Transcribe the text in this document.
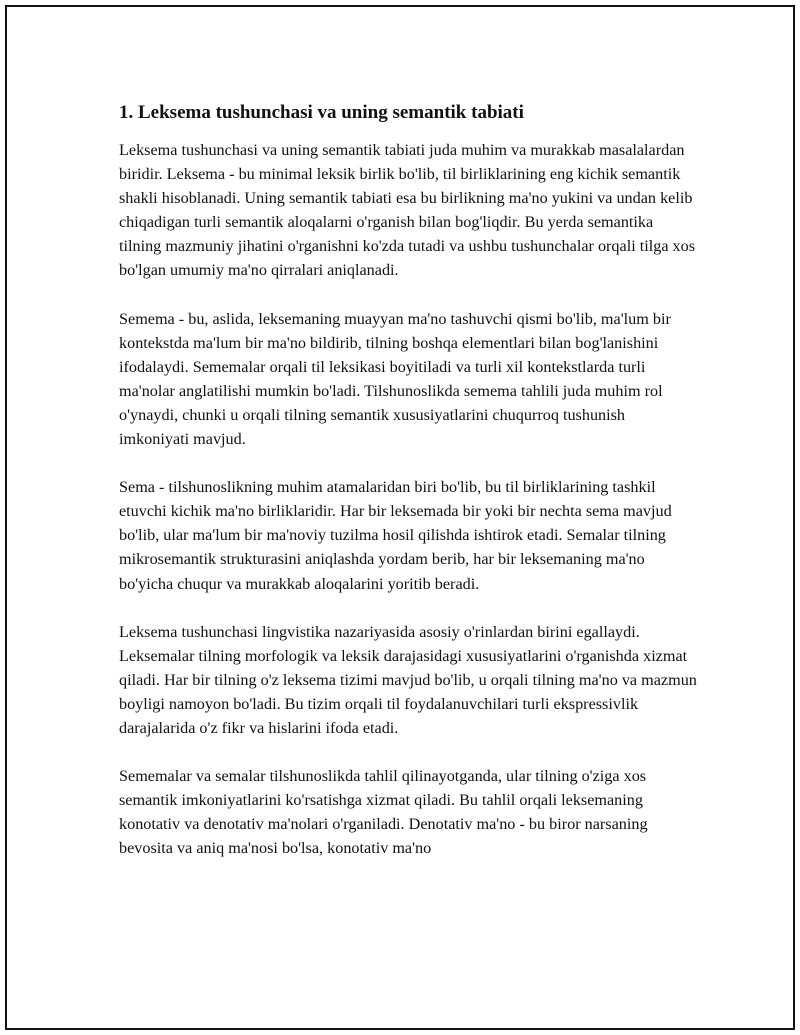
1. Leksema tushunchasi va uning semantik tabiati

Leksema tushunchasi va uning semantik tabiati juda muhim va murakkab masalalardan biridir. Leksema - bu minimal leksik birlik bo'lib, til birliklarining eng kichik semantik shakli hisoblanadi. Uning semantik tabiati esa bu birlikning ma'no yukini va undan kelib chiqadigan turli semantik aloqalarni o'rganish bilan bog'liqdir. Bu yerda semantika tilning mazmuniy jihatini o'rganishni ko'zda tutadi va ushbu tushunchalar orqali tilga xos bo'lgan umumiy ma'no qirralari aniqlanadi.

Semema - bu, aslida, leksemaning muayyan ma'no tashuvchi qismi bo'lib, ma'lum bir kontekstda ma'lum bir ma'no bildirib, tilning boshqa elementlari bilan bog'lanishini ifodalaydi. Sememalar orqali til leksikasi boyitiladi va turli xil kontekstlarda turli ma'nolar anglatilishi mumkin bo'ladi. Tilshunoslikda semema tahlili juda muhim rol o'ynaydi, chunki u orqali tilning semantik xususiyatlarini chuqurroq tushunish imkoniyati mavjud.

Sema - tilshunoslikning muhim atamalaridan biri bo'lib, bu til birliklarining tashkil etuvchi kichik ma'no birliklaridir. Har bir leksemada bir yoki bir nechta sema mavjud bo'lib, ular ma'lum bir ma'noviy tuzilma hosil qilishda ishtirok etadi. Semalar tilning mikrosemantik strukturasini aniqlashda yordam berib, har bir leksemaning ma'no bo'yicha chuqur va murakkab aloqalarini yoritib beradi.

Leksema tushunchasi lingvistika nazariyasida asosiy o'rinlardan birini egallaydi. Leksemalar tilning morfologik va leksik darajasidagi xususiyatlarini o'rganishda xizmat qiladi. Har bir tilning o'z leksema tizimi mavjud bo'lib, u orqali tilning ma'no va mazmun boyligi namoyon bo'ladi. Bu tizim orqali til foydalanuvchilari turli ekspressivlik darajalarida o'z fikr va hislarini ifoda etadi.

Sememalar va semalar tilshunoslikda tahlil qilinayotganda, ular tilning o'ziga xos semantik imkoniyatlarini ko'rsatishga xizmat qiladi. Bu tahlil orqali leksemaning konotativ va denotativ ma'nolari o'rganiladi. Denotativ ma'no - bu biror narsaning bevosita va aniq ma'nosi bo'lsa, konotativ ma'no
